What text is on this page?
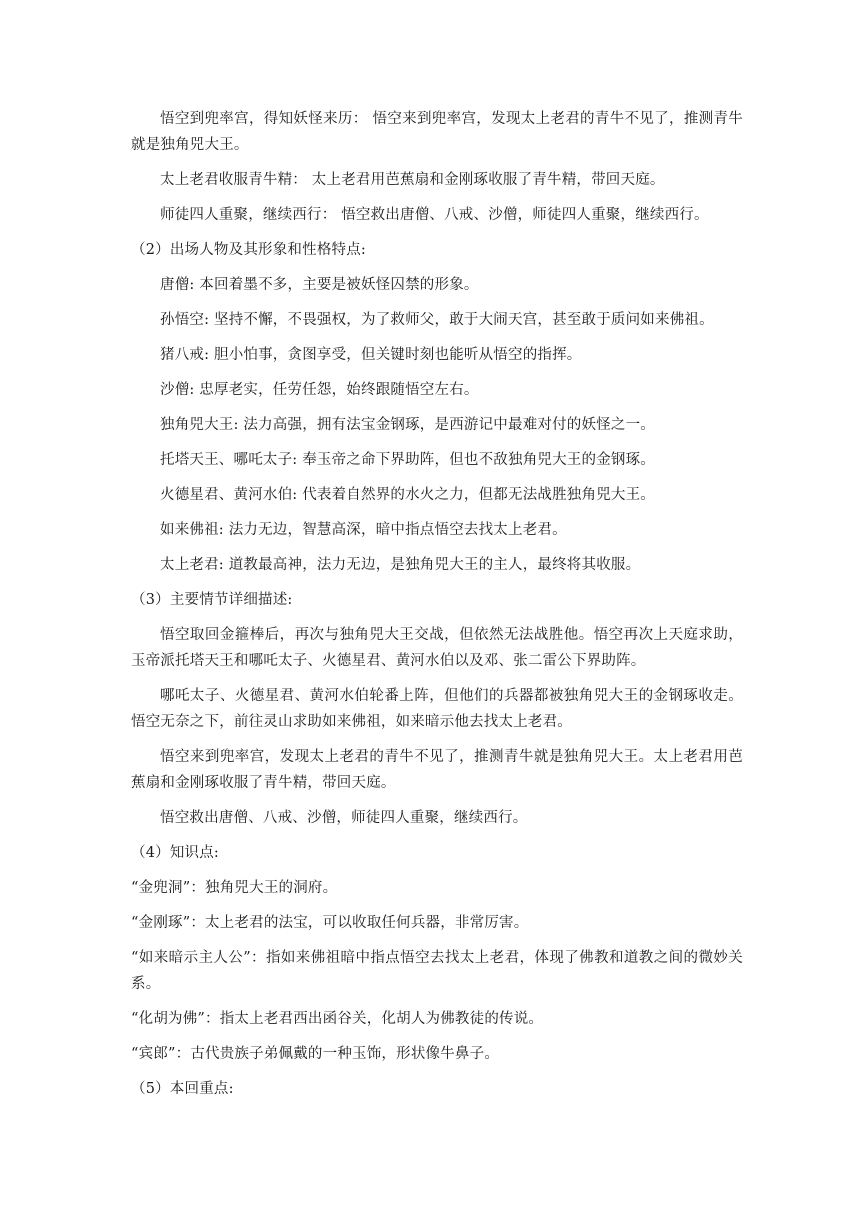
悟空到兜率宫，得知妖怪来历： 悟空来到兜率宫，发现太上老君的青牛不见了，推测青牛就是独角兕大王。

太上老君收服青牛精： 太上老君用芭蕉扇和金刚琢收服了青牛精，带回天庭。

师徒四人重聚，继续西行： 悟空救出唐僧、八戒、沙僧，师徒四人重聚，继续西行。

（2）出场人物及其形象和性格特点:

唐僧: 本回着墨不多，主要是被妖怪囚禁的形象。

孙悟空: 坚持不懈，不畏强权，为了救师父，敢于大闹天宫，甚至敢于质问如来佛祖。

猪八戒: 胆小怕事，贪图享受，但关键时刻也能听从悟空的指挥。

沙僧: 忠厚老实，任劳任怨，始终跟随悟空左右。

独角兕大王: 法力高强，拥有法宝金钢琢，是西游记中最难对付的妖怪之一。

托塔天王、哪吒太子: 奉玉帝之命下界助阵，但也不敌独角兕大王的金钢琢。

火德星君、黄河水伯: 代表着自然界的水火之力，但都无法战胜独角兕大王。

如来佛祖: 法力无边，智慧高深，暗中指点悟空去找太上老君。

太上老君: 道教最高神，法力无边，是独角兕大王的主人，最终将其收服。

（3）主要情节详细描述:

悟空取回金箍棒后，再次与独角兕大王交战，但依然无法战胜他。悟空再次上天庭求助，玉帝派托塔天王和哪吒太子、火德星君、黄河水伯以及邓、张二雷公下界助阵。

哪吒太子、火德星君、黄河水伯轮番上阵，但他们的兵器都被独角兕大王的金钢琢收走。悟空无奈之下，前往灵山求助如来佛祖，如来暗示他去找太上老君。

悟空来到兜率宫，发现太上老君的青牛不见了，推测青牛就是独角兕大王。太上老君用芭蕉扇和金刚琢收服了青牛精，带回天庭。

悟空救出唐僧、八戒、沙僧，师徒四人重聚，继续西行。

（4）知识点:

“金兜洞”：独角兕大王的洞府。

“金刚琢”：太上老君的法宝，可以收取任何兵器，非常厉害。

“如来暗示主人公”：指如来佛祖暗中指点悟空去找太上老君，体现了佛教和道教之间的微妙关系。

“化胡为佛”：指太上老君西出函谷关，化胡人为佛教徒的传说。

“宾郎”：古代贵族子弟佩戴的一种玉饰，形状像牛鼻子。

（5）本回重点:
